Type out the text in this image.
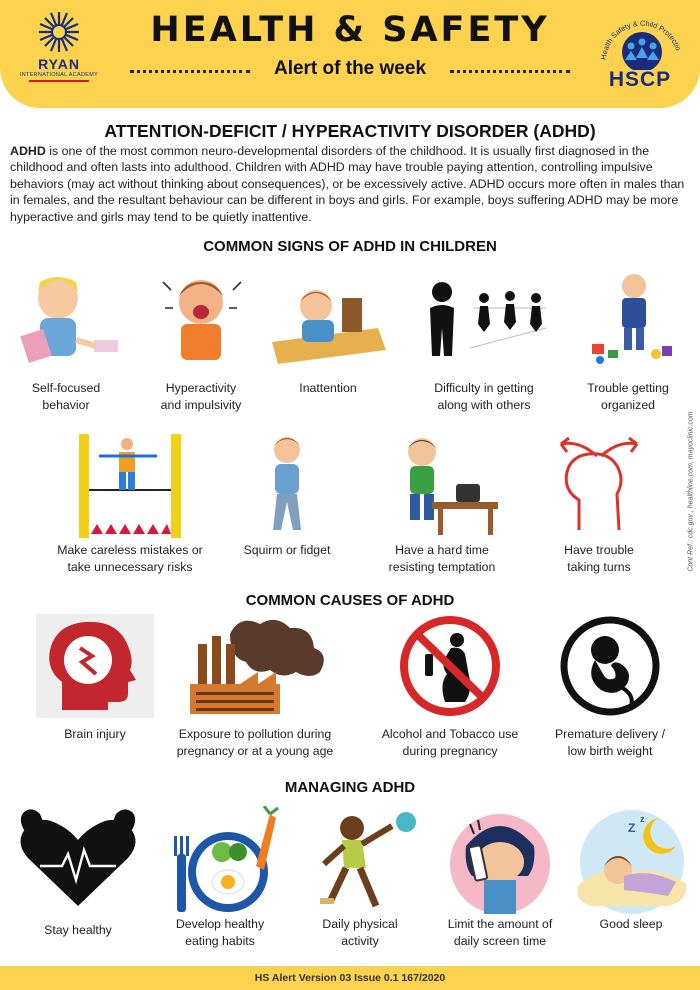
RYAN
INTERNATIONAL ACADEMY
HEALTH & SAFETY
Alert of the week
Health Safety & Child Protectio
HSCP
ATTENTION-DEFICIT / HYPERACTIVITY DISORDER (ADHD)

ADHD is one of the most common neuro-developmental disorders of the childhood. It is usually first diagnosed in the childhood and often lasts into adulthood. Children with ADHD may have trouble paying attention, controlling impulsive behaviors (may act without thinking about consequences), or be excessively active. ADHD occurs more often in males than in females, and the resultant behaviour can be different in boys and girls. For example, boys suffering ADHD may be more hyperactive and girls may tend to be quietly inattentive.

COMMON SIGNS OF ADHD IN CHILDREN
Self-focused
behavior
Hyperactivity
and impulsivity
Inattention	Difficulty in getting
along with others
Trouble getting
organized
Make careless mistakes or
take unnecessary risks
Squirm or fidget	Have a hard time
resisting temptation
Have trouble
taking turns
COMMON CAUSES OF ADHD
Brain injury	Exposure to pollution during
pregnancy or at a young age
Alcohol and Tobacco use
during pregnancy
Premature delivery /
low birth weight
MANAGING ADHD
Stay healthy	Develop healthy
eating habits
Daily physical
activity
Limit the amount of
daily screen time
Z
z
Good sleep
Cont Ref.: cdc.gov , healthline.com, mayoclinic.com
HS Alert Version 03 Issue 0.1 167/2020
